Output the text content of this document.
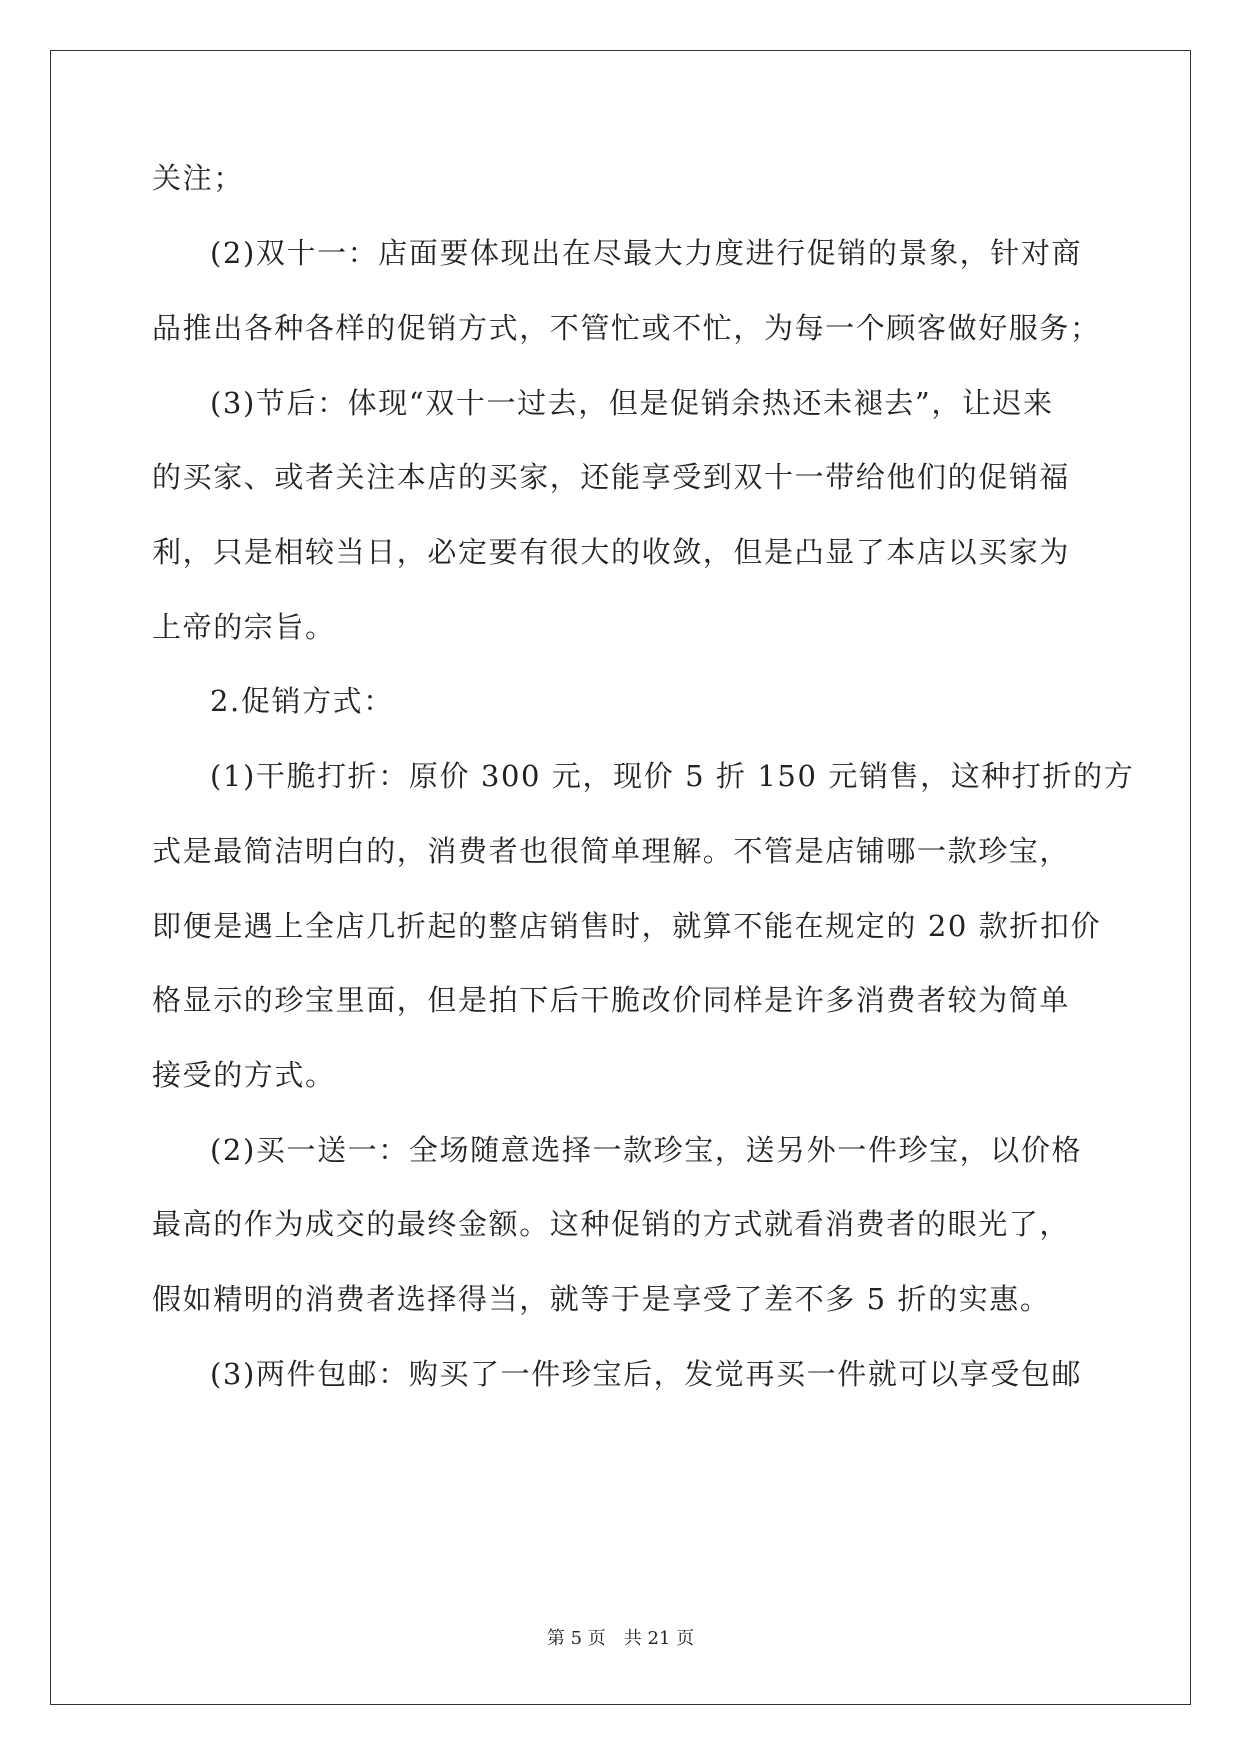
关注；
(2)双十一：店面要体现出在尽最大力度进行促销的景象，针对商
品推出各种各样的促销方式，不管忙或不忙，为每一个顾客做好服务；
(3)节后：体现“双十一过去，但是促销余热还未褪去”，让迟来
的买家、或者关注本店的买家，还能享受到双十一带给他们的促销福
利，只是相较当日，必定要有很大的收敛，但是凸显了本店以买家为
上帝的宗旨。
2.促销方式：
(1)干脆打折：原价 300 元，现价 5 折 150 元销售，这种打折的方
式是最简洁明白的，消费者也很简单理解。不管是店铺哪一款珍宝，
即便是遇上全店几折起的整店销售时，就算不能在规定的 20 款折扣价
格显示的珍宝里面，但是拍下后干脆改价同样是许多消费者较为简单
接受的方式。
(2)买一送一：全场随意选择一款珍宝，送另外一件珍宝，以价格
最高的作为成交的最终金额。这种促销的方式就看消费者的眼光了，
假如精明的消费者选择得当，就等于是享受了差不多 5 折的实惠。
(3)两件包邮：购买了一件珍宝后，发觉再买一件就可以享受包邮
第 5 页　共 21 页
